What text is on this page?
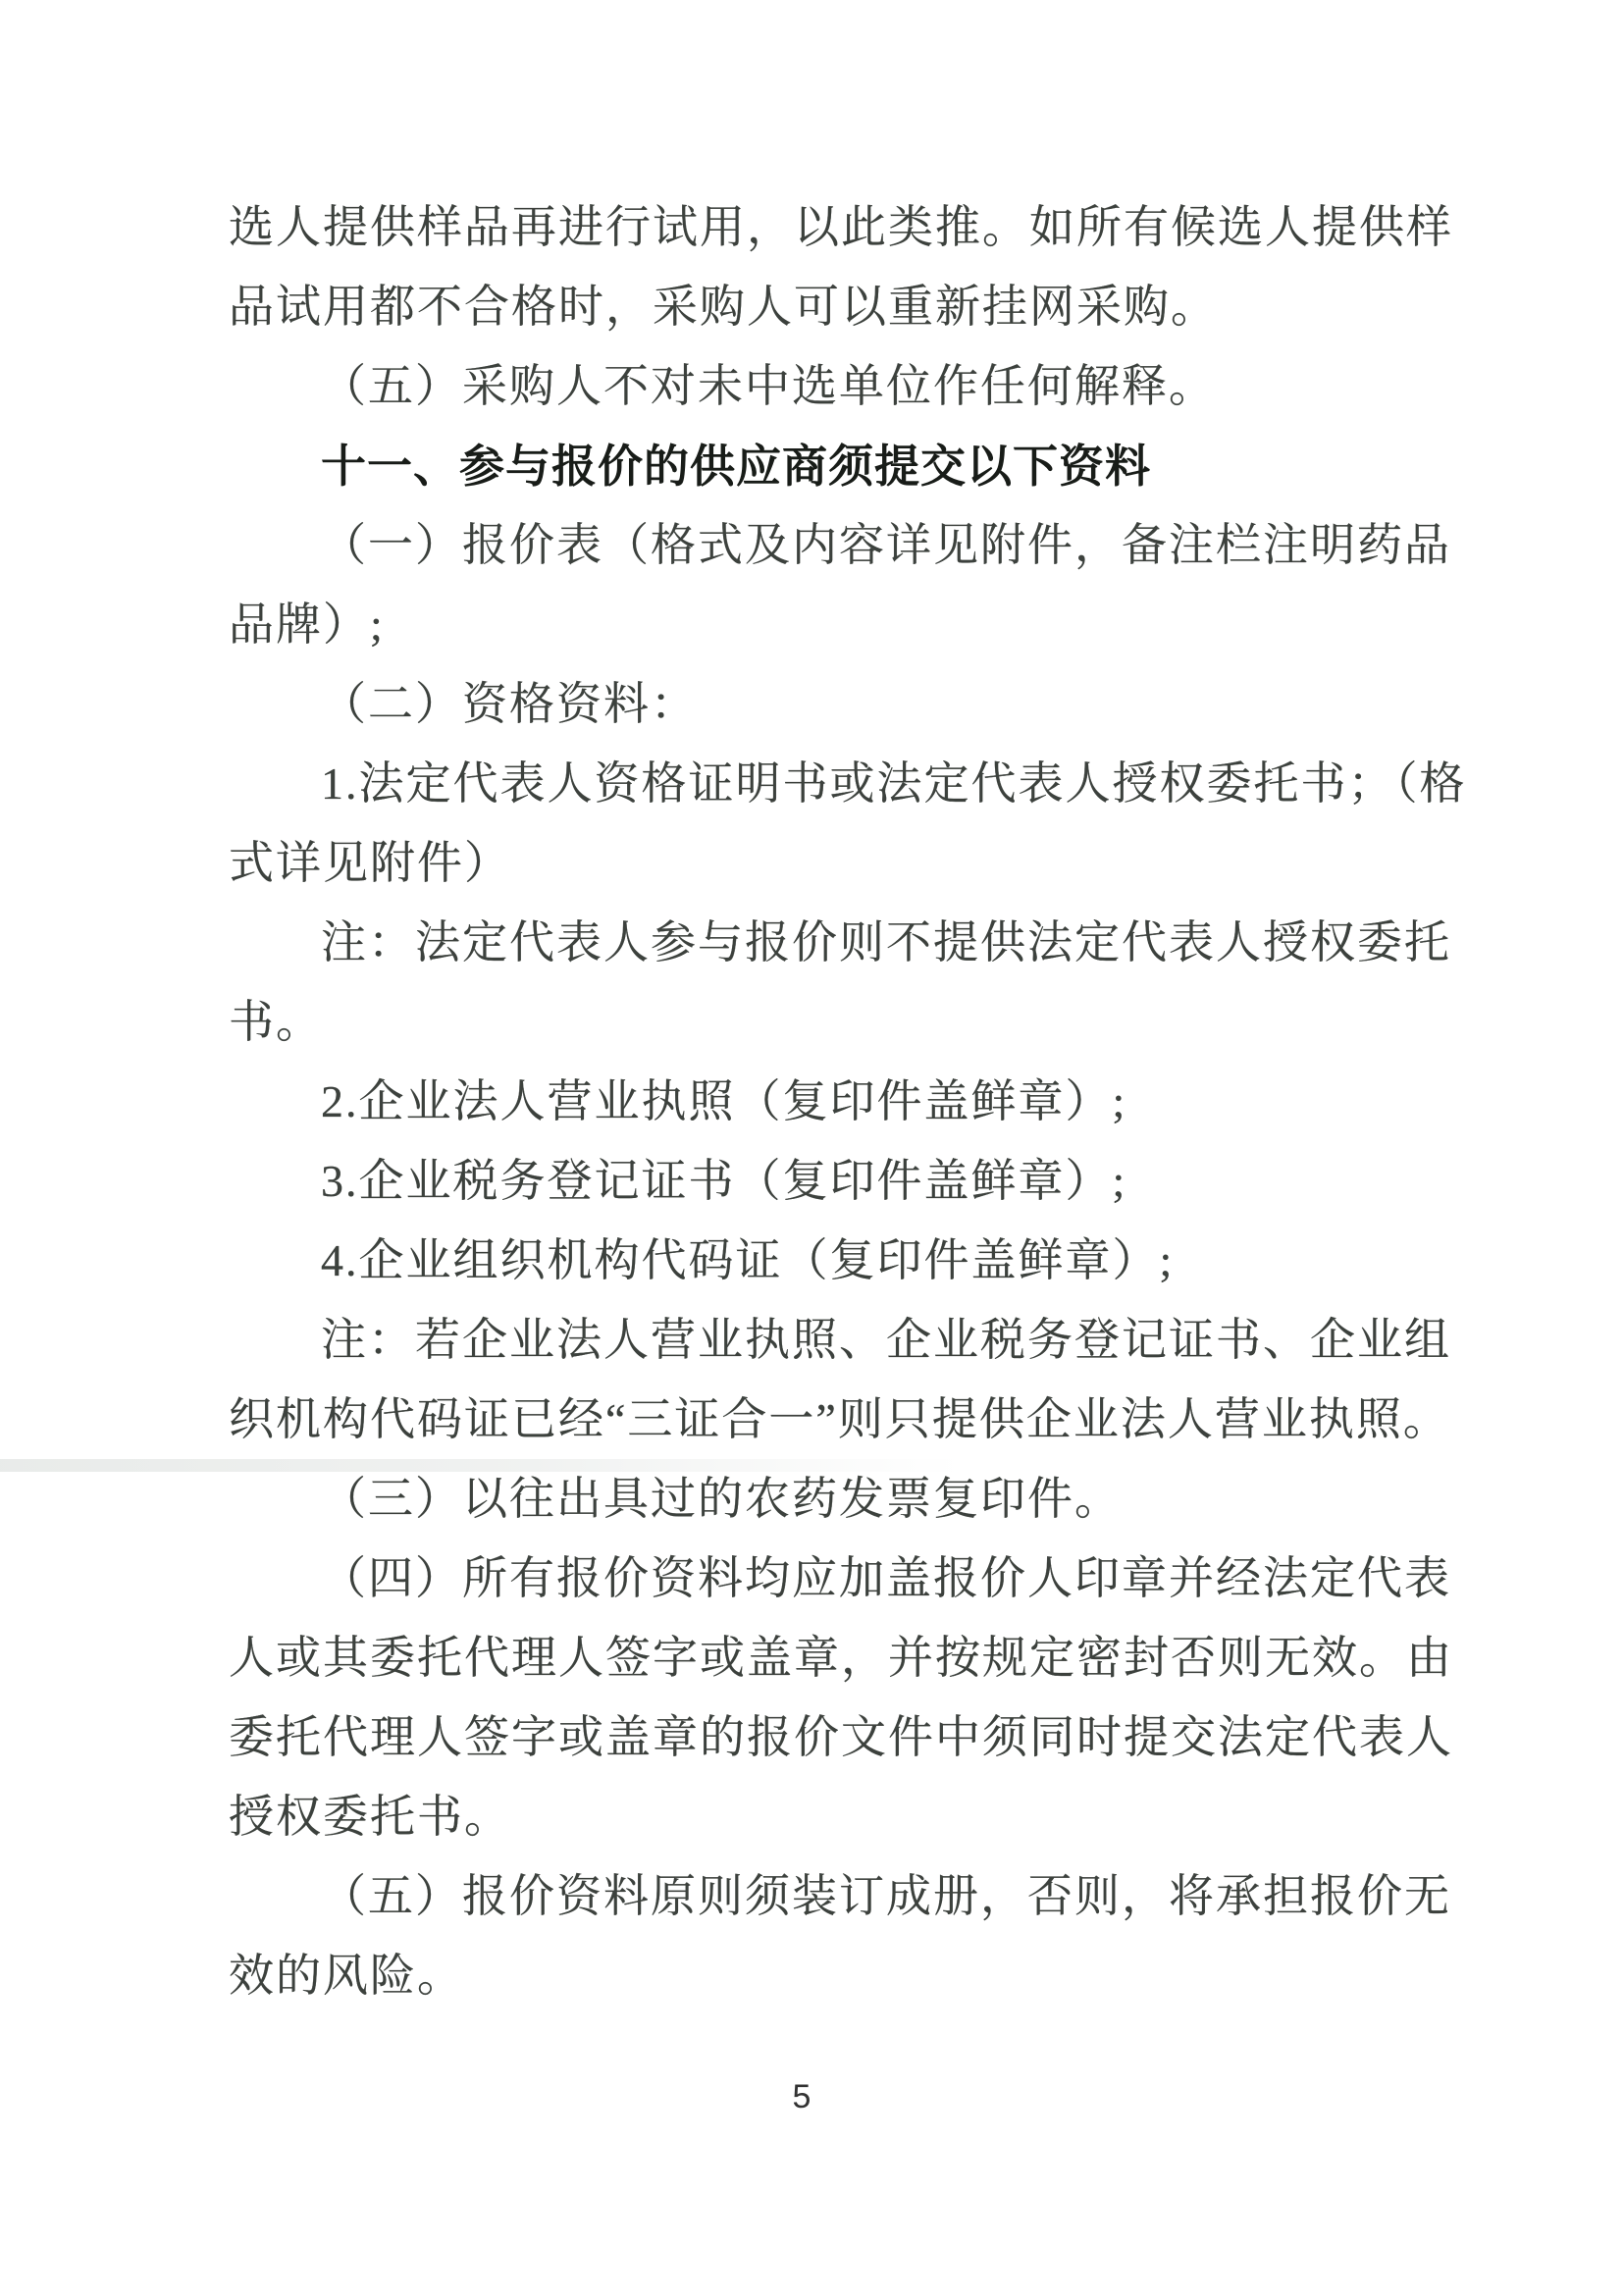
选人提供样品再进行试用，以此类推。如所有候选人提供样
品试用都不合格时，采购人可以重新挂网采购。
（五）采购人不对未中选单位作任何解释。
十一、参与报价的供应商须提交以下资料
（一）报价表（格式及内容详见附件，备注栏注明药品
品牌）;
（二）资格资料：
1.法定代表人资格证明书或法定代表人授权委托书；（格
式详见附件）
注：法定代表人参与报价则不提供法定代表人授权委托
书。
2.企业法人营业执照（复印件盖鲜章）;
3.企业税务登记证书（复印件盖鲜章）;
4.企业组织机构代码证（复印件盖鲜章）;
注：若企业法人营业执照、企业税务登记证书、企业组
织机构代码证已经“三证合一”则只提供企业法人营业执照。
（三）以往出具过的农药发票复印件。
（四）所有报价资料均应加盖报价人印章并经法定代表
人或其委托代理人签字或盖章，并按规定密封否则无效。由
委托代理人签字或盖章的报价文件中须同时提交法定代表人
授权委托书。
（五）报价资料原则须装订成册，否则，将承担报价无
效的风险。
5
